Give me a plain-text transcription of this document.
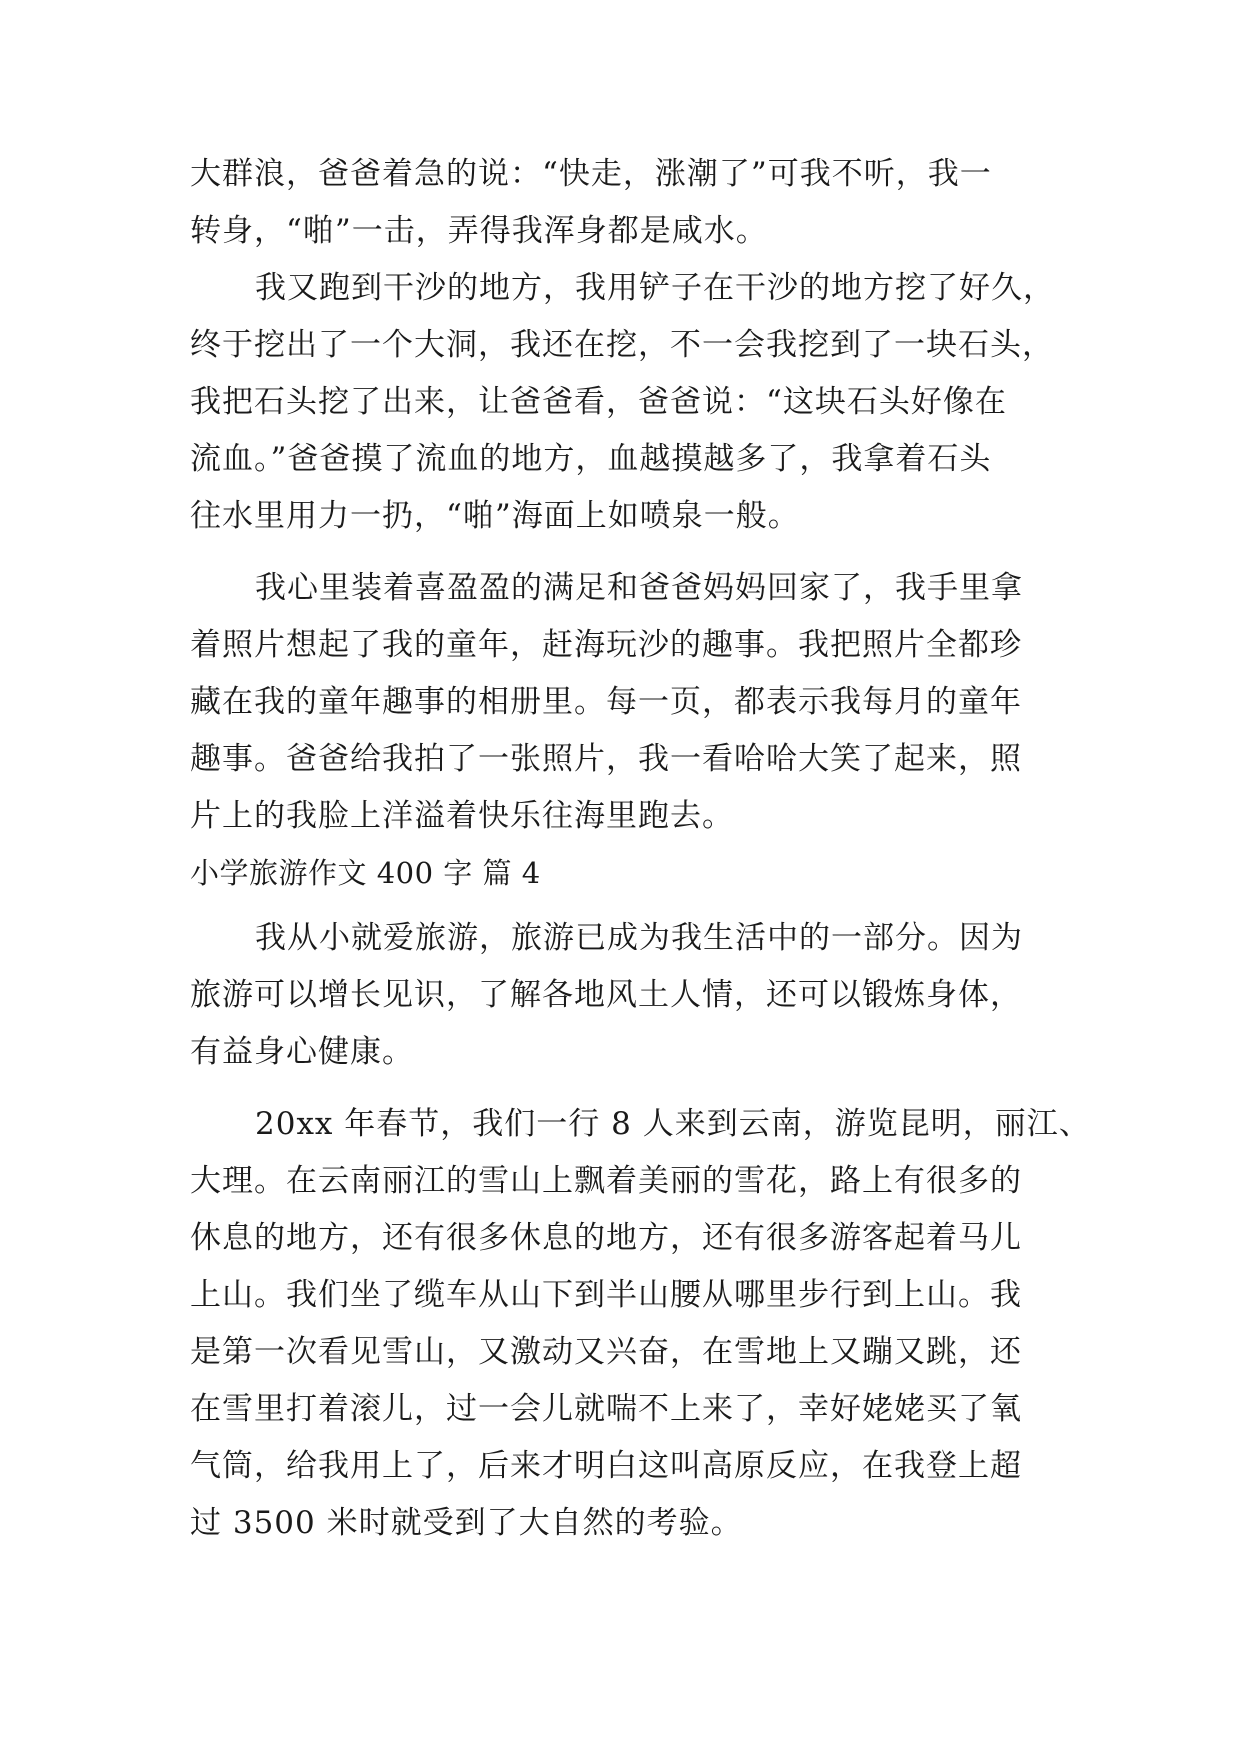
大群浪，爸爸着急的说：“快走，涨潮了”可我不听，我一
转身，“啪”一击，弄得我浑身都是咸水。
我又跑到干沙的地方，我用铲子在干沙的地方挖了好久，
终于挖出了一个大洞，我还在挖，不一会我挖到了一块石头，
我把石头挖了出来，让爸爸看，爸爸说：“这块石头好像在
流血。”爸爸摸了流血的地方，血越摸越多了，我拿着石头
往水里用力一扔，“啪”海面上如喷泉一般。
我心里装着喜盈盈的满足和爸爸妈妈回家了，我手里拿
着照片想起了我的童年，赶海玩沙的趣事。我把照片全都珍
藏在我的童年趣事的相册里。每一页，都表示我每月的童年
趣事。爸爸给我拍了一张照片，我一看哈哈大笑了起来，照
片上的我脸上洋溢着快乐往海里跑去。
小学旅游作文 400 字 篇 4
我从小就爱旅游，旅游已成为我生活中的一部分。因为
旅游可以增长见识，了解各地风土人情，还可以锻炼身体，
有益身心健康。
20xx 年春节，我们一行 8 人来到云南，游览昆明，丽江、
大理。在云南丽江的雪山上飘着美丽的雪花，路上有很多的
休息的地方，还有很多休息的地方，还有很多游客起着马儿
上山。我们坐了缆车从山下到半山腰从哪里步行到上山。我
是第一次看见雪山，又激动又兴奋，在雪地上又蹦又跳，还
在雪里打着滚儿，过一会儿就喘不上来了，幸好姥姥买了氧
气筒，给我用上了，后来才明白这叫高原反应，在我登上超
过 3500 米时就受到了大自然的考验。
